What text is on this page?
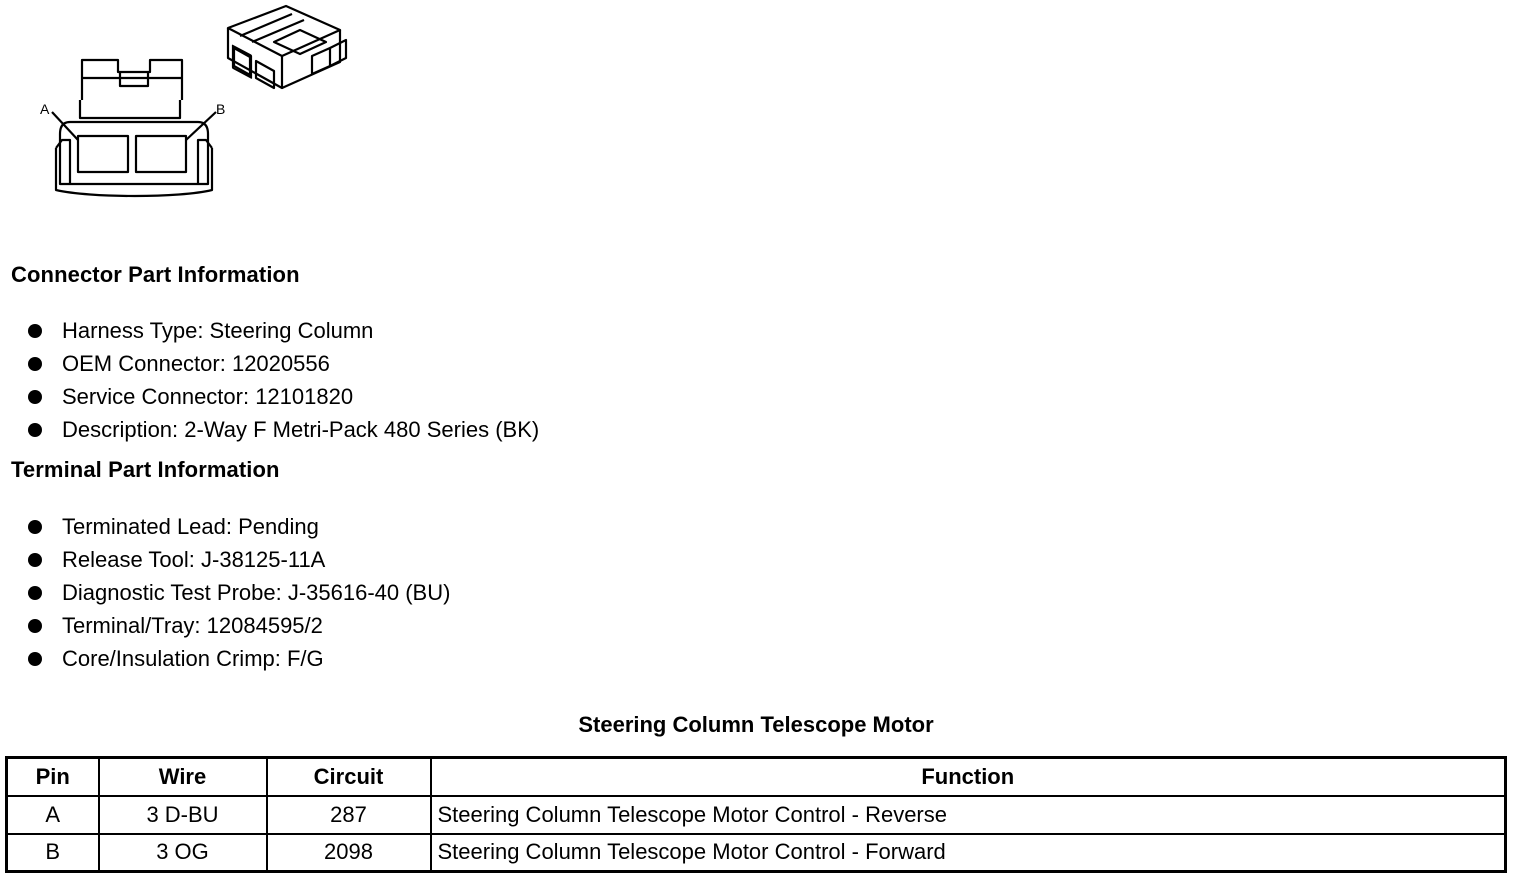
A	B
Connector Part Information
Harness Type: Steering Column
OEM Connector: 12020556
Service Connector: 12101820
Description: 2-Way F Metri-Pack 480 Series (BK)
Terminal Part Information
Terminated Lead: Pending
Release Tool: J-38125-11A
Diagnostic Test Probe: J-35616-40 (BU)
Terminal/Tray: 12084595/2
Core/Insulation Crimp: F/G
Steering Column Telescope Motor
Pin	Wire	Circuit	Function
A	3 D-BU	287	Steering Column Telescope Motor Control - Reverse
B	3 OG	2098	Steering Column Telescope Motor Control - Forward
